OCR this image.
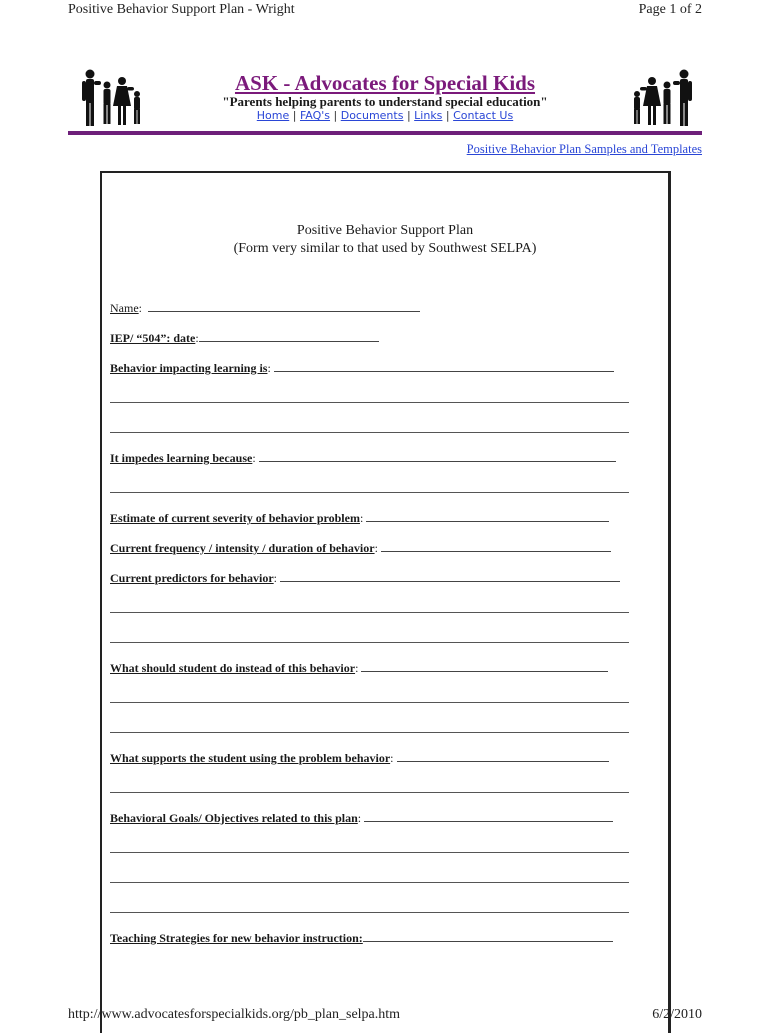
Positive Behavior Support Plan - Wright	Page 1 of 2
ASK - Advocates for Special Kids
"Parents helping parents to understand special education"
Home | FAQ's | Documents | Links | Contact Us
Positive Behavior Plan Samples and Templates
Positive Behavior Support Plan
(Form very similar to that used by Southwest SELPA)
Name:
IEP/ “504”: date:
Behavior impacting learning is:
It impedes learning because:
Estimate of current severity of behavior problem:
Current frequency / intensity / duration of behavior:
Current predictors for behavior:
What should student do instead of this behavior:
What supports the student using the problem behavior:
Behavioral Goals/ Objectives related to this plan:
Teaching Strategies for new behavior instruction:
http://www.advocatesforspecialkids.org/pb_plan_selpa.htm	6/2/2010
